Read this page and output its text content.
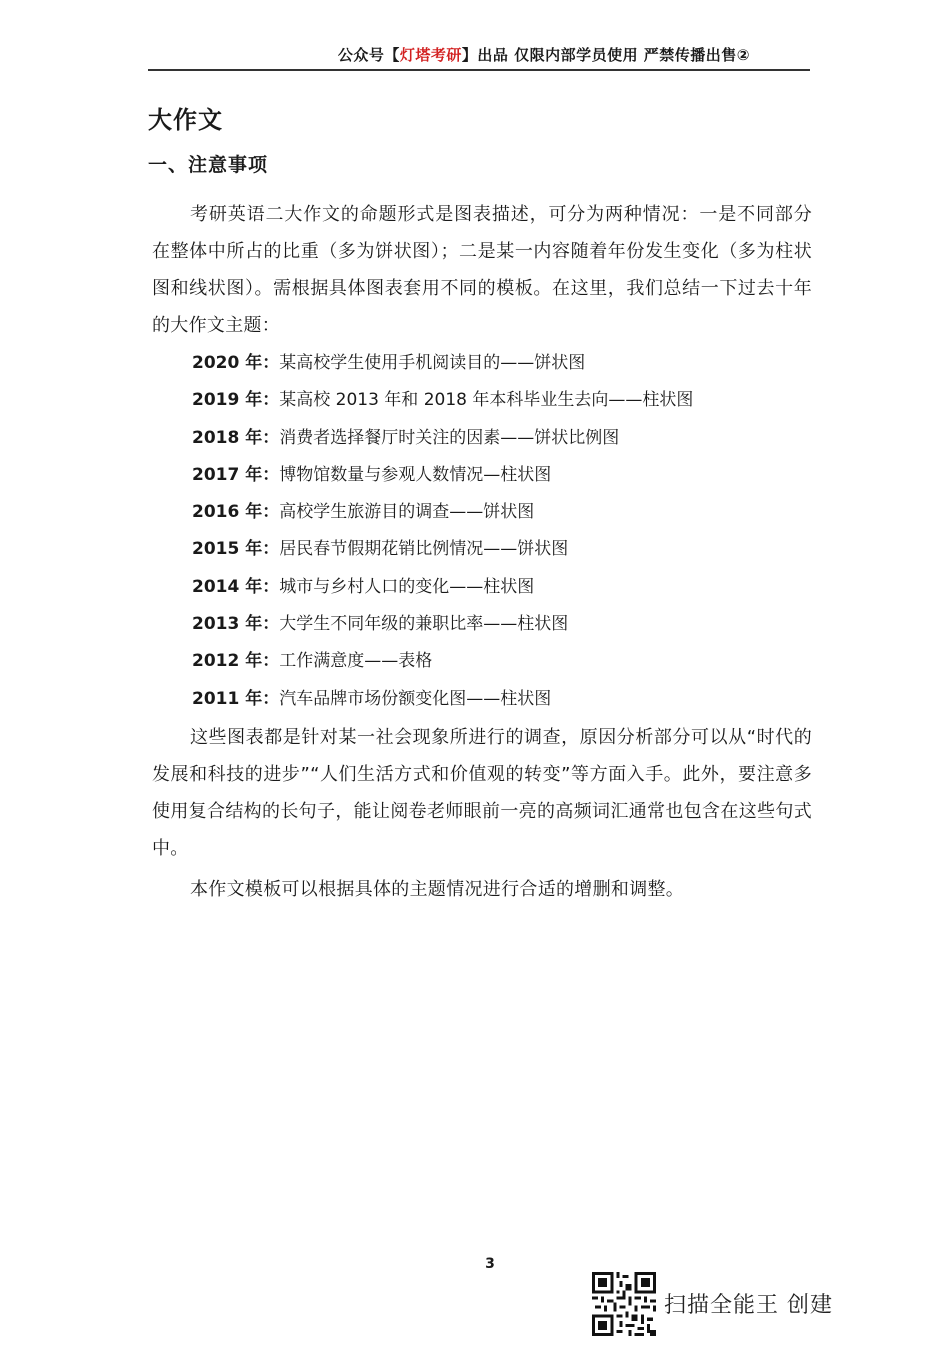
公众号【灯塔考研】出品 仅限内部学员使用 严禁传播出售②
大作文
一、注意事项

考研英语二大作文的命题形式是图表描述，可分为两种情况：一是不同部分在整体中所占的比重（多为饼状图）；二是某一内容随着年份发生变化（多为柱状图和线状图）。需根据具体图表套用不同的模板。在这里，我们总结一下过去十年的大作文主题：

2020 年：某高校学生使用手机阅读目的——饼状图
2019 年：某高校 2013 年和 2018 年本科毕业生去向——柱状图
2018 年：消费者选择餐厅时关注的因素——饼状比例图
2017 年：博物馆数量与参观人数情况—柱状图
2016 年：高校学生旅游目的调查——饼状图
2015 年：居民春节假期花销比例情况——饼状图
2014 年：城市与乡村人口的变化——柱状图
2013 年：大学生不同年级的兼职比率——柱状图
2012 年：工作满意度——表格
2011 年：汽车品牌市场份额变化图——柱状图

这些图表都是针对某一社会现象所进行的调查，原因分析部分可以从“时代的发展和科技的进步”“人们生活方式和价值观的转变”等方面入手。此外，要注意多使用复合结构的长句子，能让阅卷老师眼前一亮的高频词汇通常也包含在这些句式中。

本作文模板可以根据具体的主题情况进行合适的增删和调整。

3
扫描全能王 创建
